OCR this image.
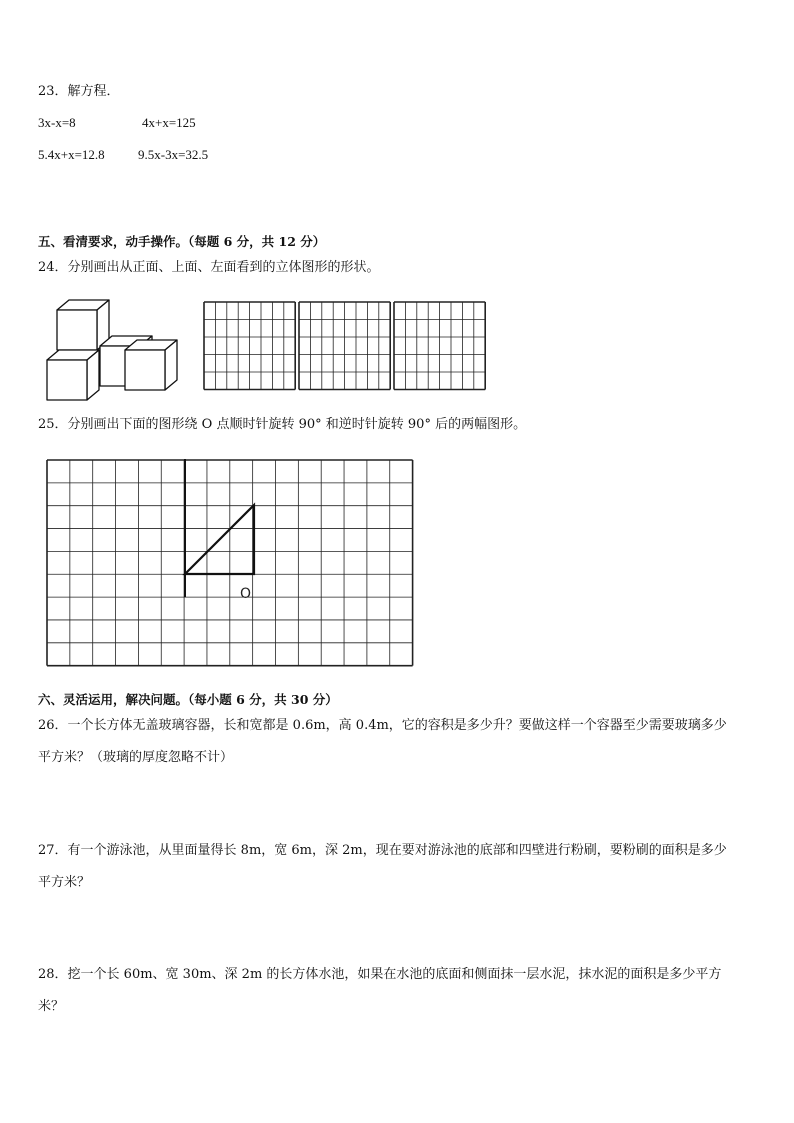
23．解方程．
3x-x=8	4x+x=125
5.4x+x=12.8	9.5x-3x=32.5
五、看清要求，动手操作。（每题 6 分，共 12 分）
24．分别画出从正面、上面、左面看到的立体图形的形状。
25．分别画出下面的图形绕 O 点顺时针旋转 90° 和逆时针旋转 90° 后的两幅图形。
O
六、灵活运用，解决问题。（每小题 6 分，共 30 分）
26．一个长方体无盖玻璃容器，长和宽都是 0.6m，高 0.4m，它的容积是多少升？要做这样一个容器至少需要玻璃多少
平方米？（玻璃的厚度忽略不计）
27．有一个游泳池，从里面量得长 8m，宽 6m，深 2m，现在要对游泳池的底部和四壁进行粉刷，要粉刷的面积是多少
平方米？
28．挖一个长 60m、宽 30m、深 2m 的长方体水池，如果在水池的底面和侧面抹一层水泥，抹水泥的面积是多少平方
米？
